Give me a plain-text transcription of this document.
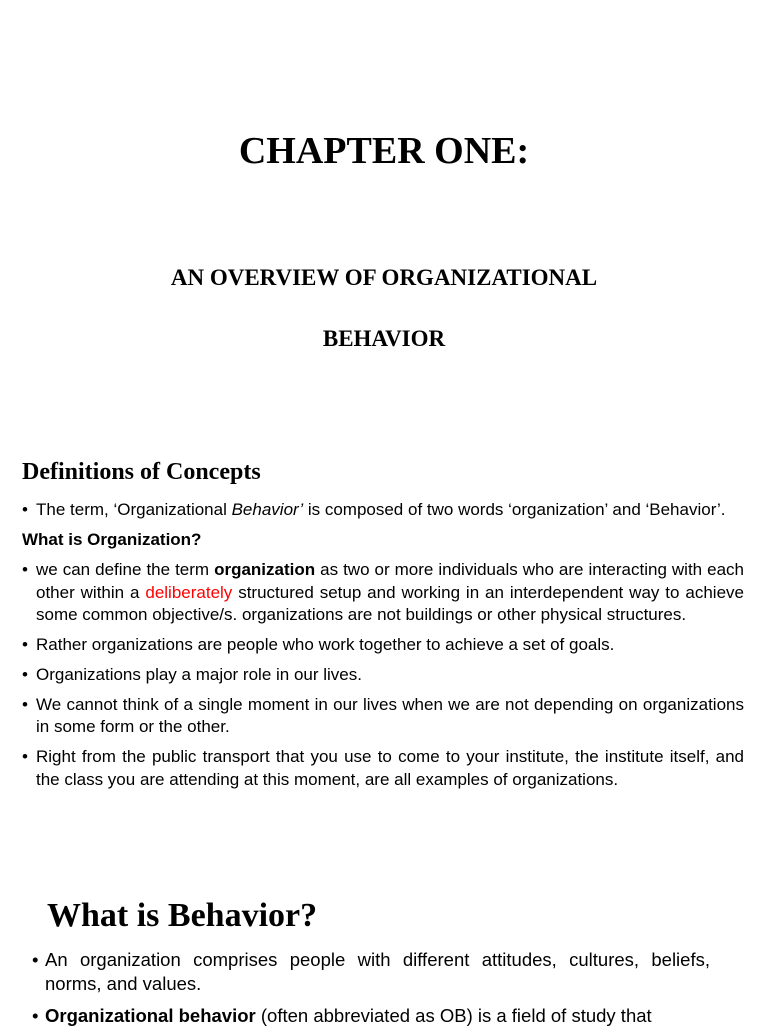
CHAPTER ONE:
AN OVERVIEW OF ORGANIZATIONAL
BEHAVIOR
Definitions of Concepts
• The term, ‘Organizational Behavior’ is composed of two words ‘organization’ and ‘Behavior’.
What is Organization?
• we can define the term organization as two or more individuals who are interacting with each other within a deliberately structured setup and working in an interdependent way to achieve some common objective/s. organizations are not buildings or other physical structures.
• Rather organizations are people who work together to achieve a set of goals.
• Organizations play a major role in our lives.
• We cannot think of a single moment in our lives when we are not depending on organizations in some form or the other.
• Right from the public transport that you use to come to your institute, the institute itself, and the class you are attending at this moment, are all examples of organizations.
What is Behavior?
• An organization comprises people with different attitudes, cultures, beliefs, norms, and values.
• Organizational behavior (often abbreviated as OB) is a field of study that
